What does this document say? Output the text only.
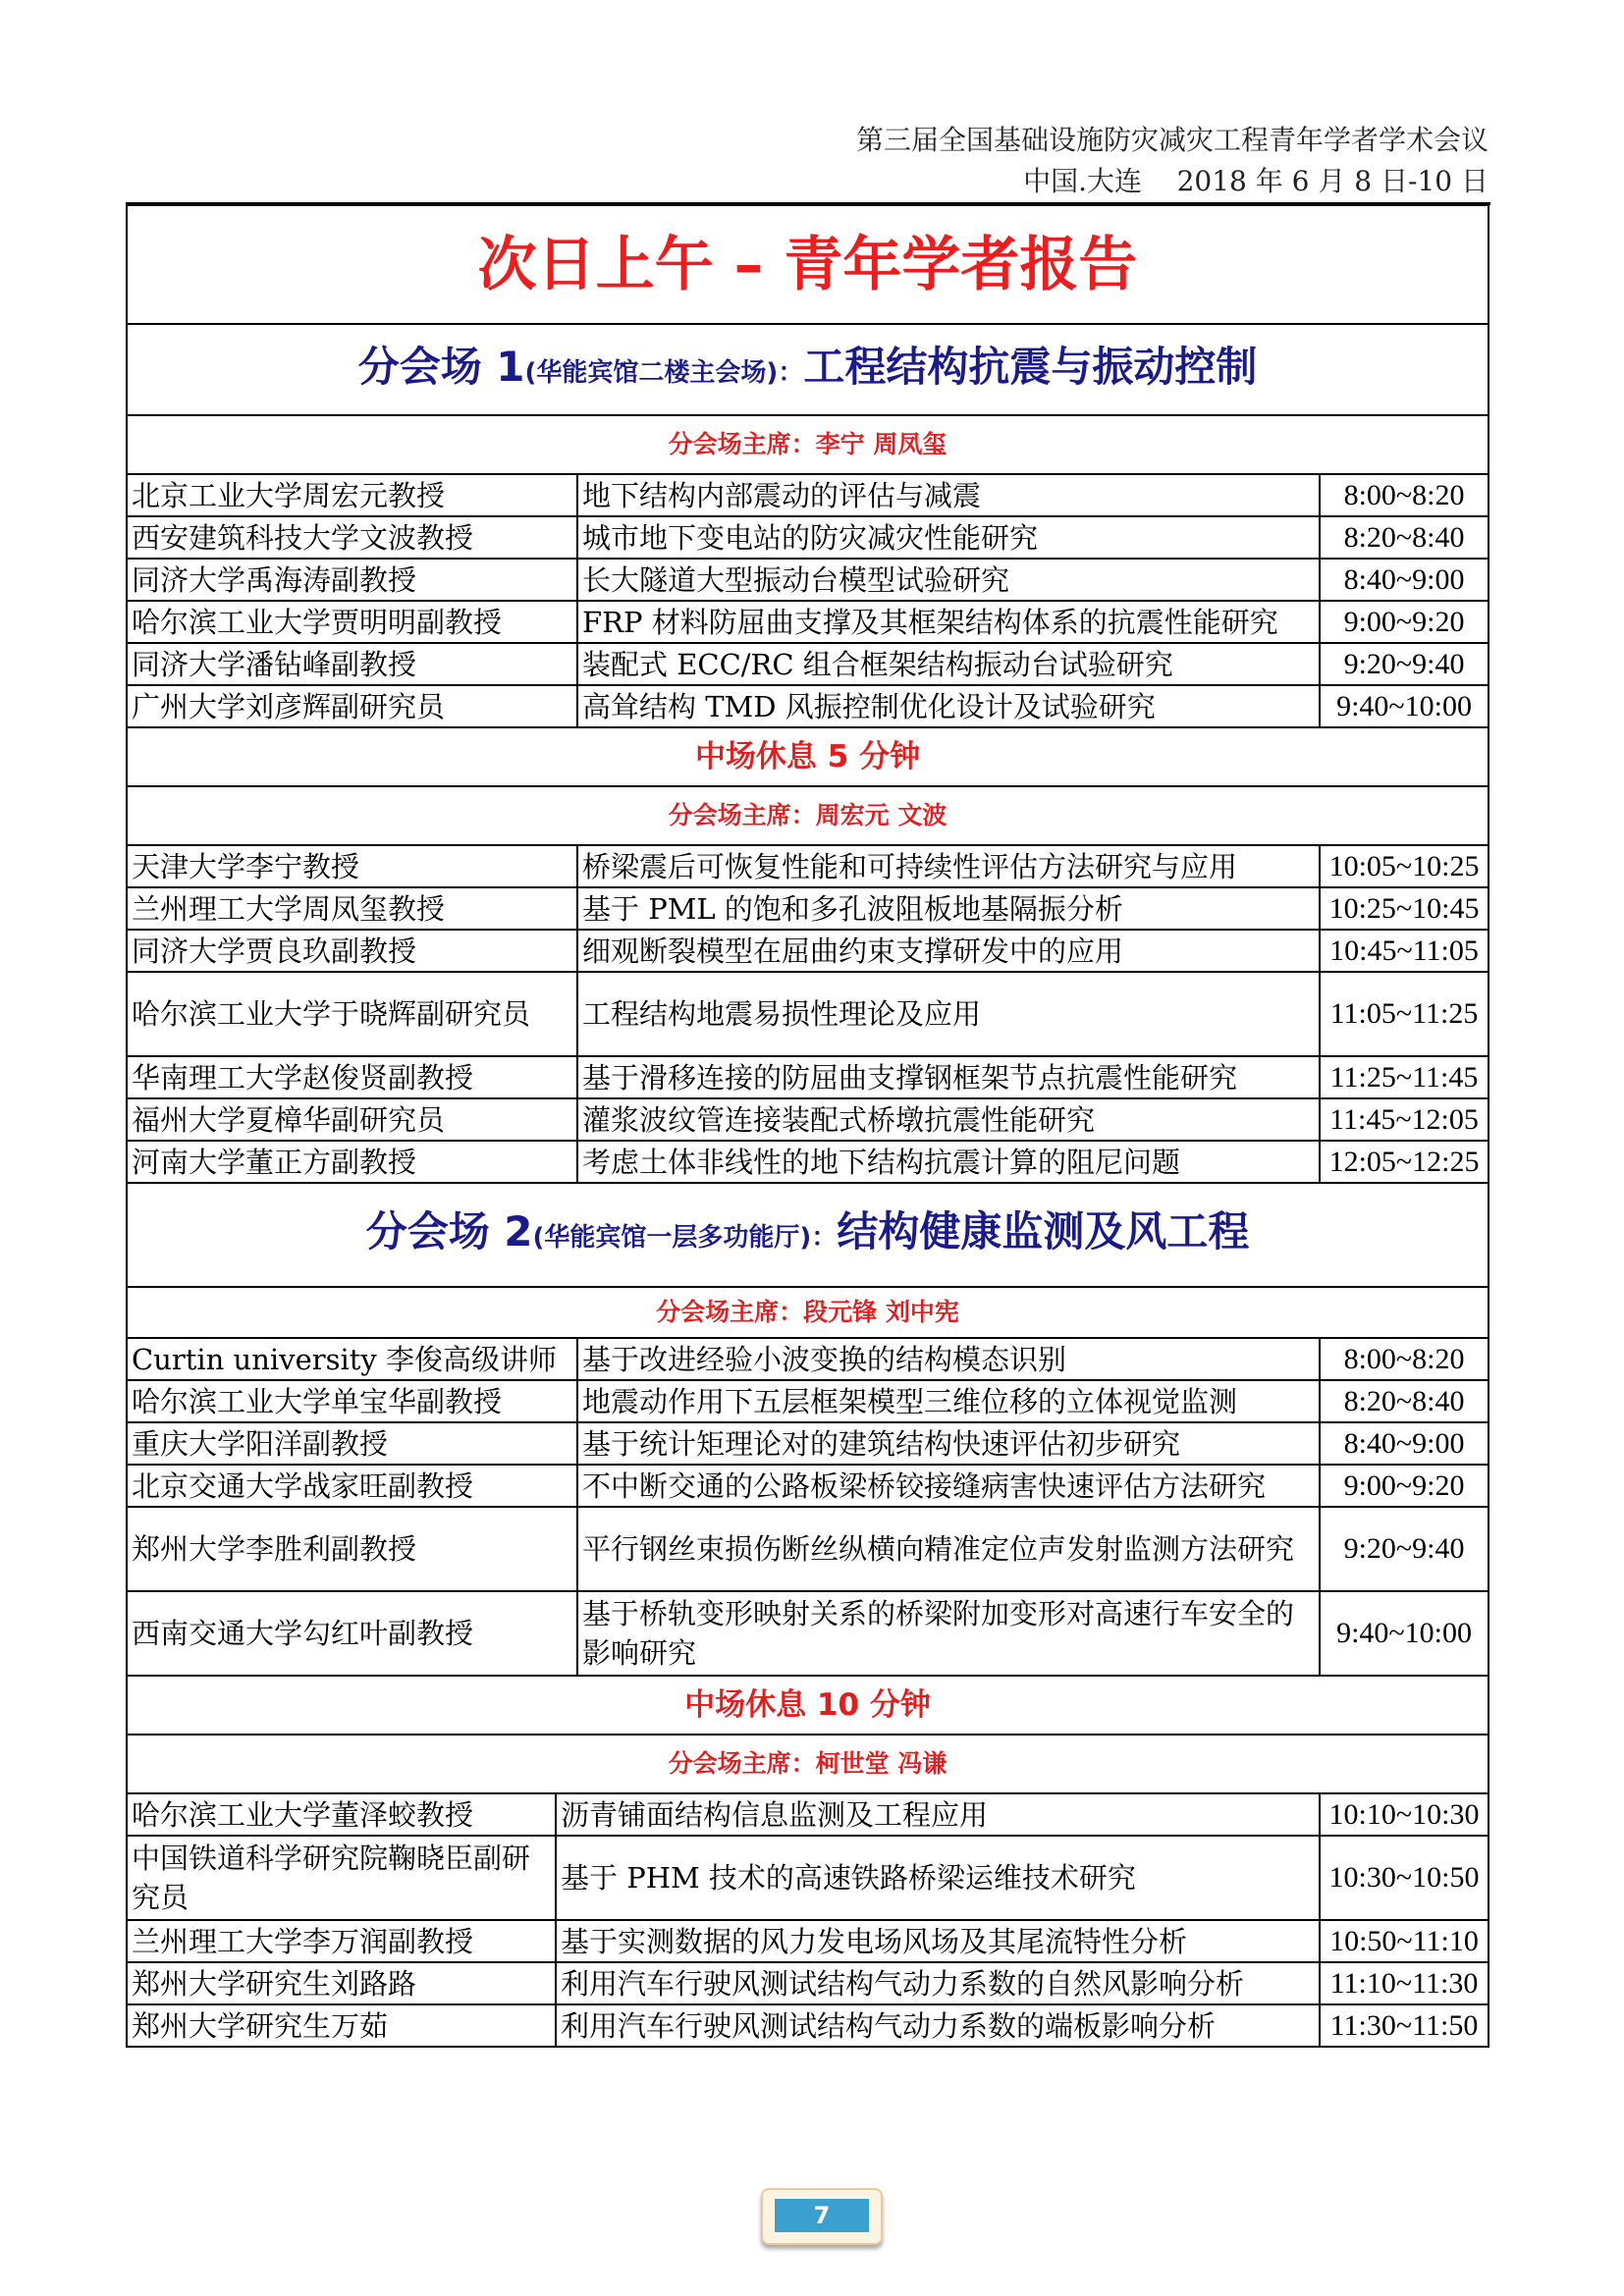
第三届全国基础设施防灾减灾工程青年学者学术会议
中国.大连    2018 年 6 月 8 日-10 日
次日上午 – 青年学者报告		
分会场 1(华能宾馆二楼主会场)：工程结构抗震与振动控制		
分会场主席：李宁 周凤玺		
北京工业大学周宏元教授	地下结构内部震动的评估与减震	8:00~8:20
西安建筑科技大学文波教授	城市地下变电站的防灾减灾性能研究	8:20~8:40
同济大学禹海涛副教授	长大隧道大型振动台模型试验研究	8:40~9:00
哈尔滨工业大学贾明明副教授	FRP 材料防屈曲支撑及其框架结构体系的抗震性能研究	9:00~9:20
同济大学潘钻峰副教授	装配式 ECC/RC 组合框架结构振动台试验研究	9:20~9:40
广州大学刘彦辉副研究员	高耸结构 TMD 风振控制优化设计及试验研究	9:40~10:00
中场休息 5 分钟		
分会场主席：周宏元 文波		
天津大学李宁教授	桥梁震后可恢复性能和可持续性评估方法研究与应用	10:05~10:25
兰州理工大学周凤玺教授	基于 PML 的饱和多孔波阻板地基隔振分析	10:25~10:45
同济大学贾良玖副教授	细观断裂模型在屈曲约束支撑研发中的应用	10:45~11:05
哈尔滨工业大学于晓辉副研究员	工程结构地震易损性理论及应用	11:05~11:25
华南理工大学赵俊贤副教授	基于滑移连接的防屈曲支撑钢框架节点抗震性能研究	11:25~11:45
福州大学夏樟华副研究员	灌浆波纹管连接装配式桥墩抗震性能研究	11:45~12:05
河南大学董正方副教授	考虑土体非线性的地下结构抗震计算的阻尼问题	12:05~12:25
分会场 2(华能宾馆一层多功能厅)：结构健康监测及风工程		
分会场主席：段元锋 刘中宪		
Curtin university 李俊高级讲师	基于改进经验小波变换的结构模态识别	8:00~8:20
哈尔滨工业大学单宝华副教授	地震动作用下五层框架模型三维位移的立体视觉监测	8:20~8:40
重庆大学阳洋副教授	基于统计矩理论对的建筑结构快速评估初步研究	8:40~9:00
北京交通大学战家旺副教授	不中断交通的公路板梁桥铰接缝病害快速评估方法研究	9:00~9:20
郑州大学李胜利副教授	平行钢丝束损伤断丝纵横向精准定位声发射监测方法研究	9:20~9:40
西南交通大学勾红叶副教授	基于桥轨变形映射关系的桥梁附加变形对高速行车安全的影响研究	9:40~10:00
中场休息 10 分钟		
分会场主席：柯世堂 冯谦		
哈尔滨工业大学董泽蛟教授	沥青铺面结构信息监测及工程应用	10:10~10:30
中国铁道科学研究院鞠晓臣副研究员	基于 PHM 技术的高速铁路桥梁运维技术研究	10:30~10:50
兰州理工大学李万润副教授	基于实测数据的风力发电场风场及其尾流特性分析	10:50~11:10
郑州大学研究生刘路路	利用汽车行驶风测试结构气动力系数的自然风影响分析	11:10~11:30
郑州大学研究生万茹	利用汽车行驶风测试结构气动力系数的端板影响分析	11:30~11:50
7
